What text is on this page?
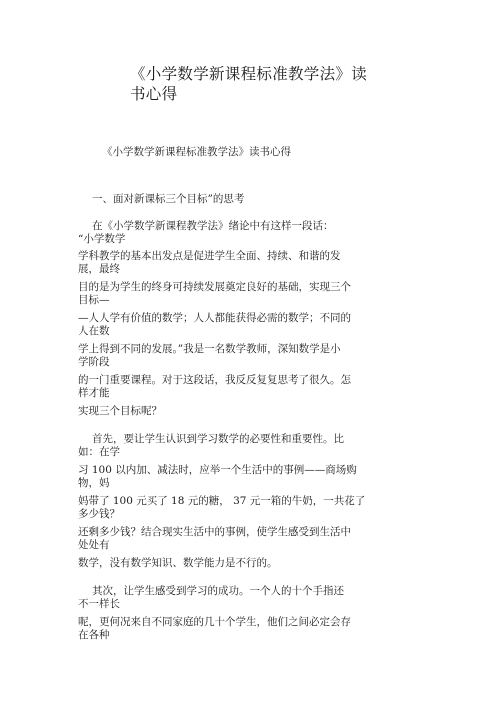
《小学数学新课程标准教学法》读书心得

《小学数学新课程标准教学法》读书心得

一、面对新课标三个目标”的思考

在《小学数学新课程教学法》绪论中有这样一段话：

“小学数学

学科教学的基本出发点是促进学生全面、持续、和谐的发

展，最终

目的是为学生的终身可持续发展奠定良好的基础，实现三个

目标—

—人人学有价值的数学；人人都能获得必需的数学；不同的

人在数

学上得到不同的发展。”我是一名数学教师，深知数学是小

学阶段

的一门重要课程。对于这段话，我反反复复思考了很久。怎

样才能

实现三个目标呢？

首先，要让学生认识到学习数学的必要性和重要性。比

如：在学

习 100 以内加、减法时，应举一个生活中的事例——商场购

物，妈

妈带了 100 元买了 18 元的糖， 37 元一箱的牛奶，一共花了

多少钱？

还剩多少钱？结合现实生活中的事例，使学生感受到生活中

处处有

数学，没有数学知识、数学能力是不行的。

其次，让学生感受到学习的成功。一个人的十个手指还

不一样长

呢，更何况来自不同家庭的几十个学生，他们之间必定会存

在各种
